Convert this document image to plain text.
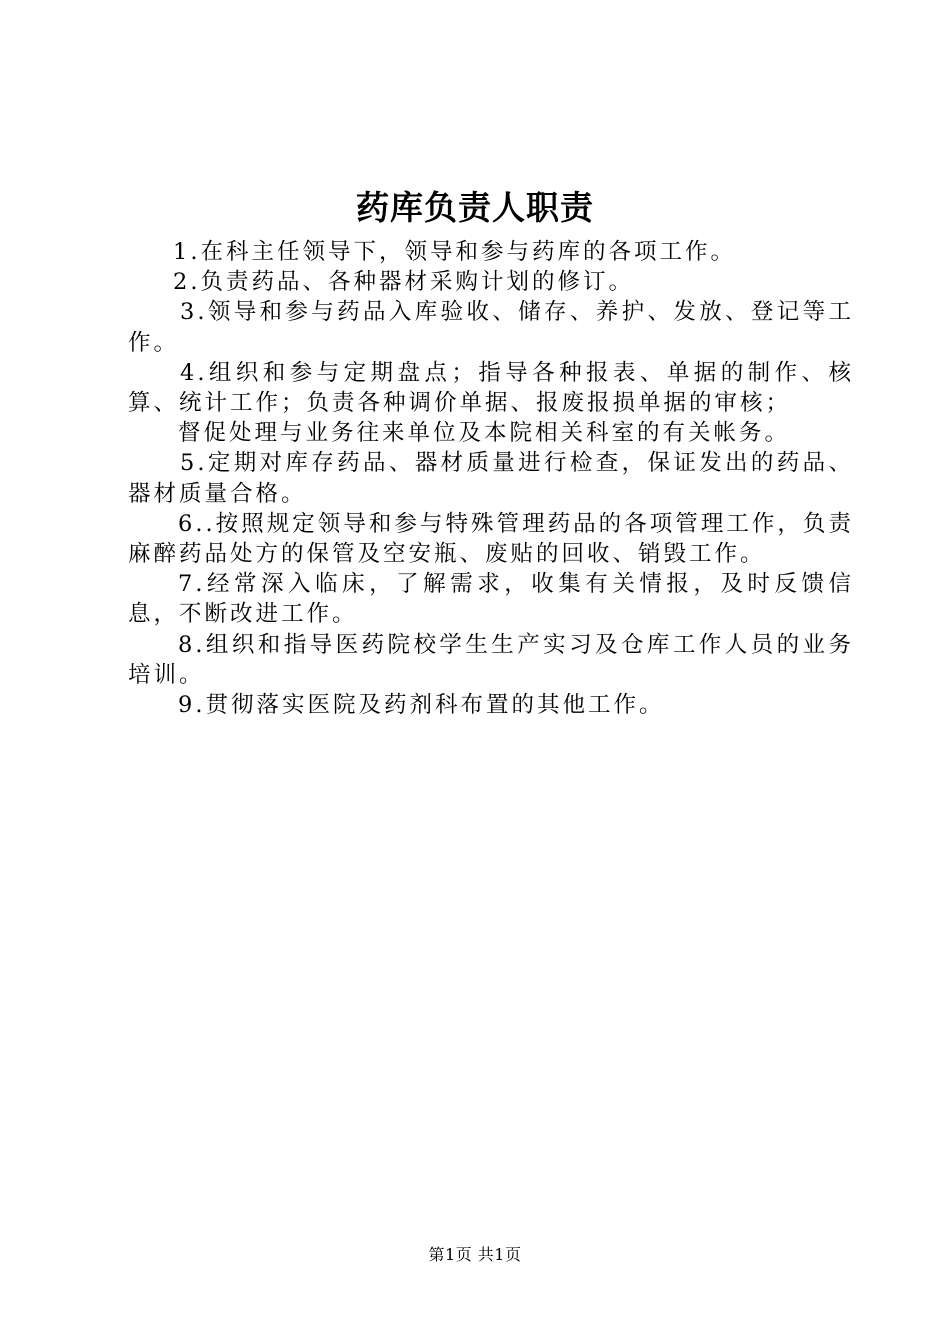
药库负责人职责

1.在科主任领导下，领导和参与药库的各项工作。

2.负责药品、各种器材采购计划的修订。

3.领导和参与药品入库验收、储存、养护、发放、登记等工作。

4.组织和参与定期盘点；指导各种报表、单据的制作、核算、统计工作；负责各种调价单据、报废报损单据的审核；

督促处理与业务往来单位及本院相关科室的有关帐务。

5.定期对库存药品、器材质量进行检查，保证发出的药品、器材质量合格。

6..按照规定领导和参与特殊管理药品的各项管理工作，负责麻醉药品处方的保管及空安瓶、废贴的回收、销毁工作。

7.经常深入临床，了解需求，收集有关情报，及时反馈信息，不断改进工作。

8.组织和指导医药院校学生生产实习及仓库工作人员的业务培训。

9.贯彻落实医院及药剂科布置的其他工作。

第1页 共1页
